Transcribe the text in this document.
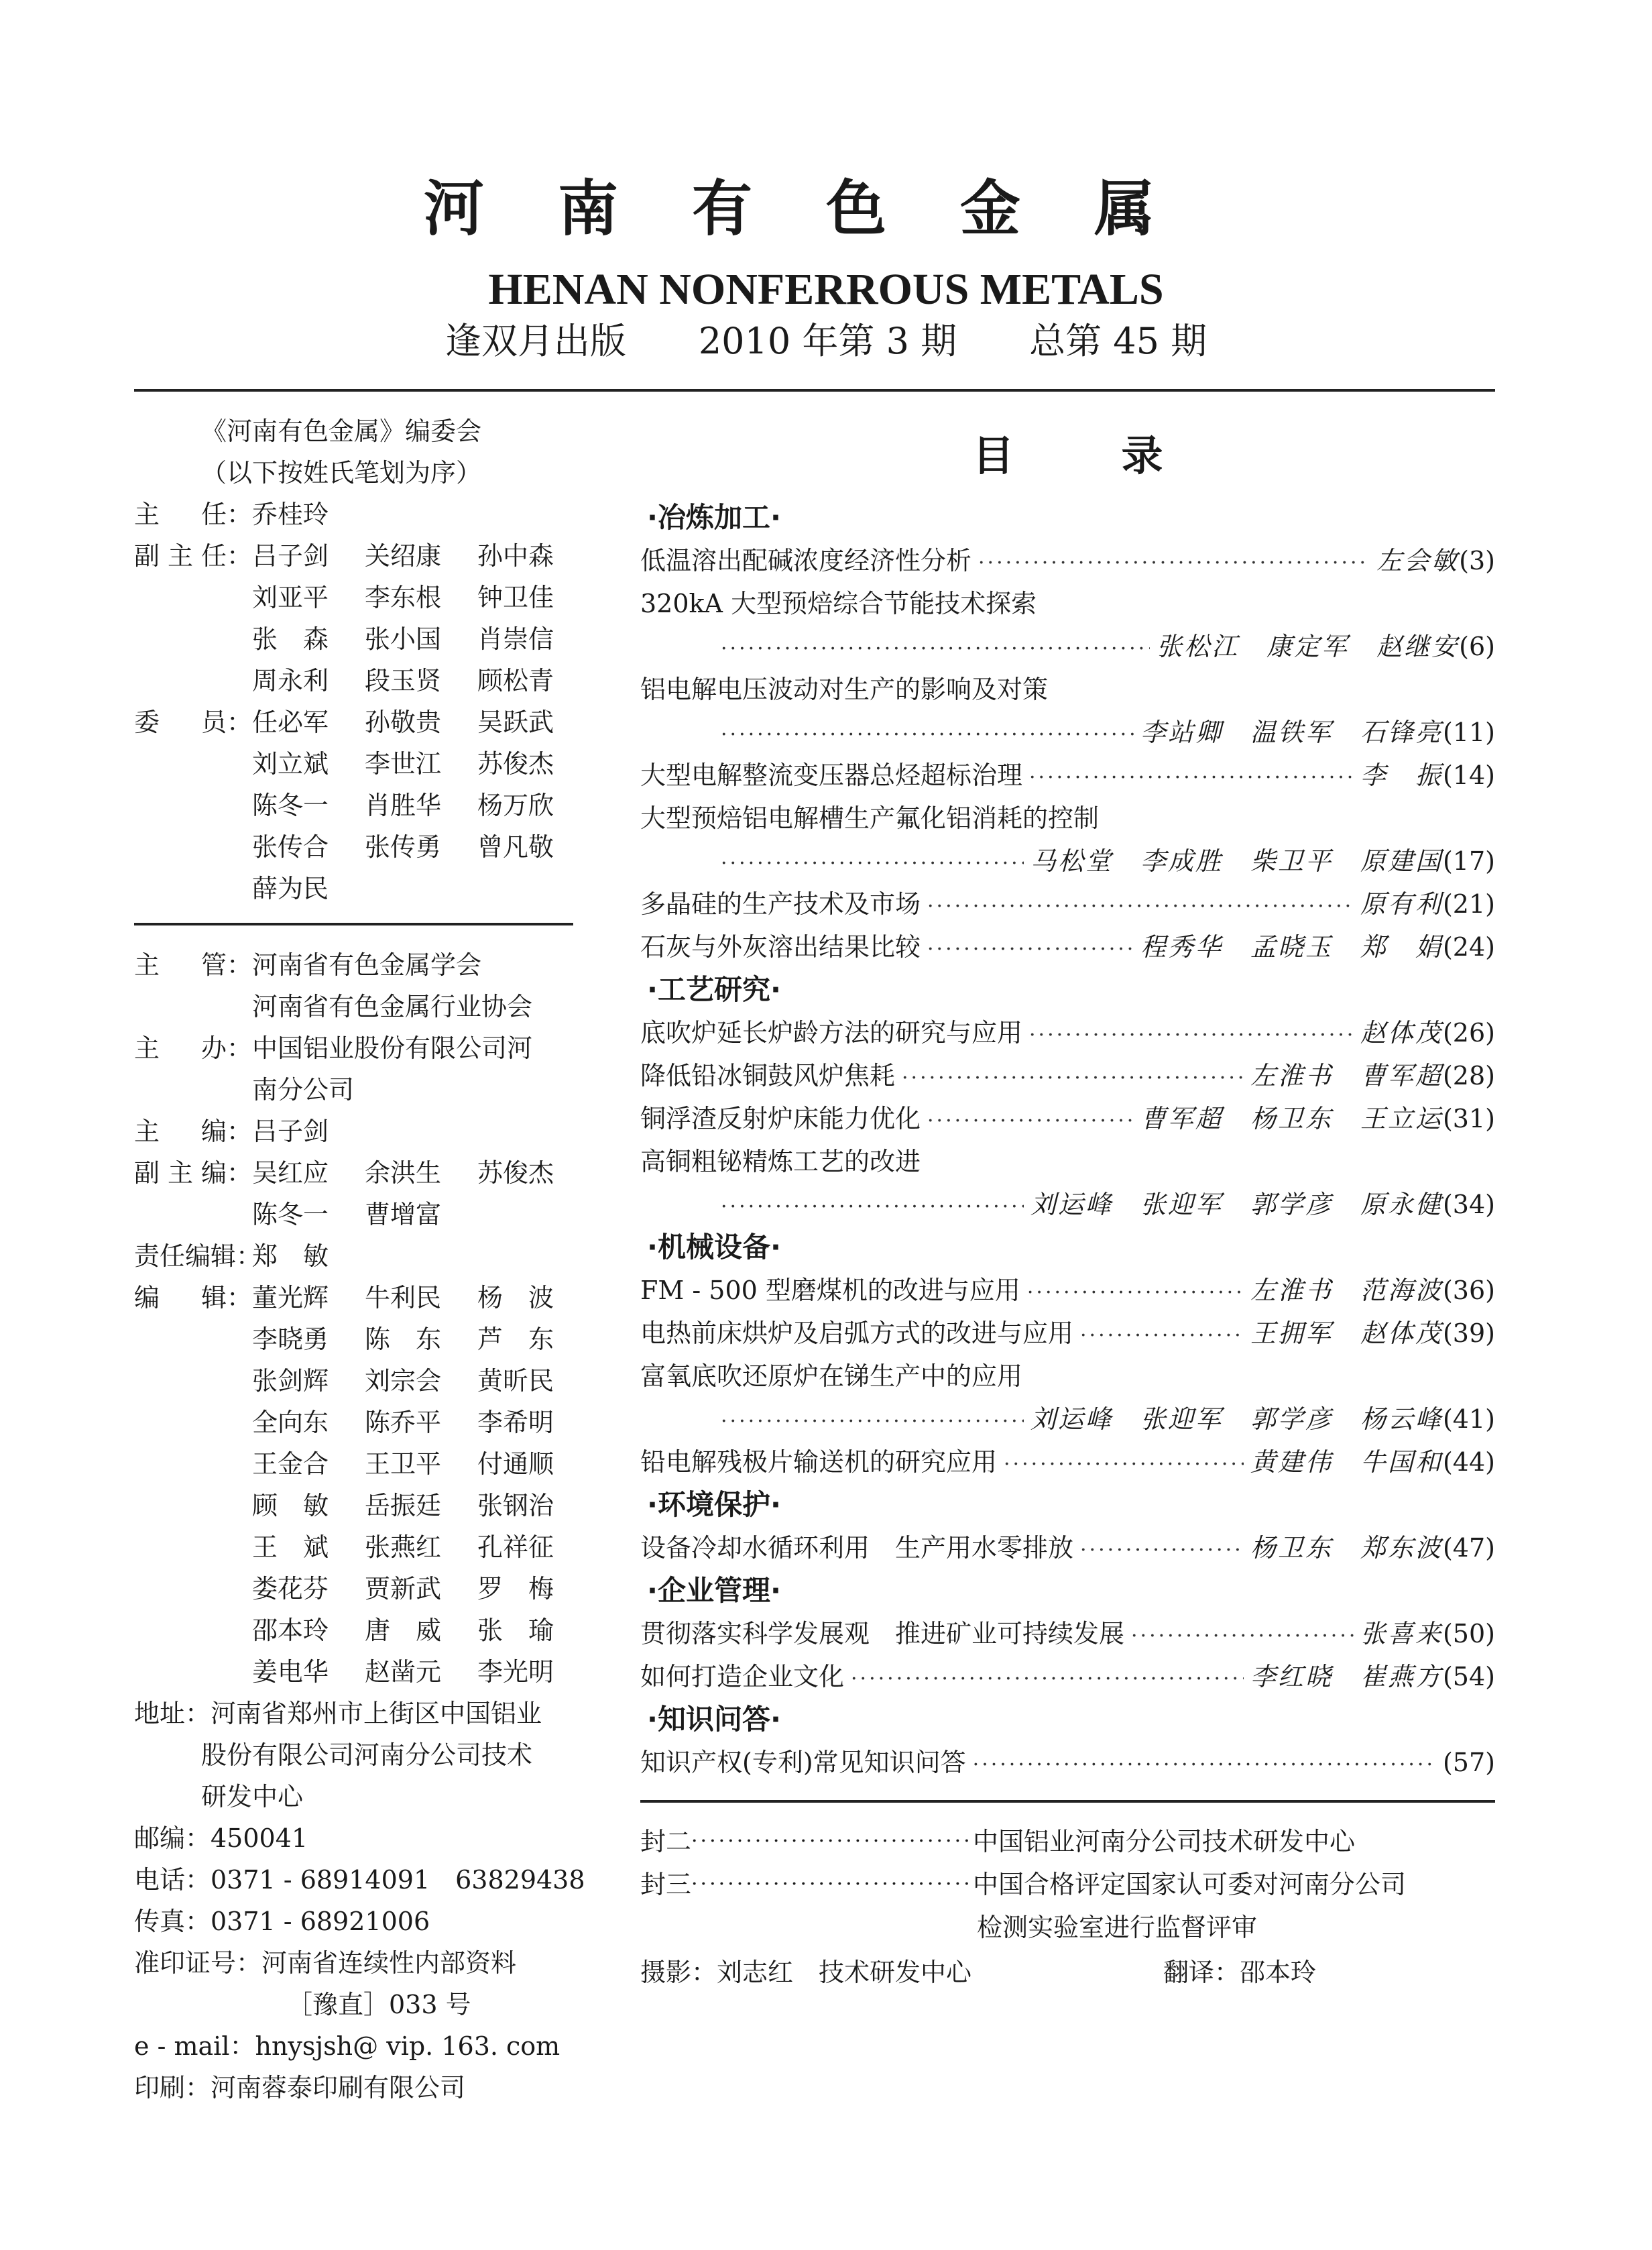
河南有色金属
HENAN NONFERROUS METALS
逢双月出版　　 2010 年第 3 期　　 总第 45 期
《河南有色金属》编委会
（以下按姓氏笔划为序）
主 任： 乔桂玲
副 主 任： 吕子剑	关绍康	孙中森
刘亚平	李东根	钟卫佳
张　森	张小国	肖崇信
周永利	段玉贤	顾松青
委 员： 任必军	孙敬贵	吴跃武
刘立斌	李世江	苏俊杰
陈冬一	肖胜华	杨万欣
张传合	张传勇	曾凡敬
薛为民
主 管： 河南省有色金属学会
河南省有色金属行业协会
主 办： 中国铝业股份有限公司河
南分公司
主 编： 吕子剑
副 主 编： 吴红应	余洪生	苏俊杰
陈冬一	曹增富
责任编辑：
郑　敏
编 辑： 董光辉	牛利民	杨　波
李晓勇	陈　东	芦　东
张剑辉	刘宗会	黄昕民
全向东	陈乔平	李希明
王金合	王卫平	付通顺
顾　敏	岳振廷	张钢治
王　斌	张燕红	孔祥征
娄花芬	贾新武	罗　梅
邵本玲	唐　威	张　瑜
姜电华	赵凿元	李光明
地址：河南省郑州市上街区中国铝业
股份有限公司河南分公司技术
研发中心
邮编：450041
电话：0371 - 68914091　63829438
传真：0371 - 68921006
准印证号：河南省连续性内部资料
［豫直］033 号
e - mail：hnysjsh@ vip. 163. com
印刷：河南蓉泰印刷有限公司
目录
·冶炼加工·
低温溶出配碱浓度经济性分析 ·····	左会敏 (3)
320kA 大型预焙综合节能技术探索
·····
张松江　康定军　赵继安 (6)
铝电解电压波动对生产的影响及对策
·····
李站卿　温铁军　石锋亮 (11)
大型电解整流变压器总烃超标治理 ·····	李　振 (14)
大型预焙铝电解槽生产氟化铝消耗的控制
·····
马松堂　李成胜　柴卫平　原建国 (17)
多晶硅的生产技术及市场 ·····	原有利 (21)
石灰与外灰溶出结果比较 ·····	程秀华　孟晓玉　郑　娟 (24)
·工艺研究·
底吹炉延长炉龄方法的研究与应用 ·····	赵体茂 (26)
降低铅冰铜鼓风炉焦耗 ·····	左淮书　曹军超 (28)
铜浮渣反射炉床能力优化 ·····	曹军超　杨卫东　王立运 (31)
高铜粗铋精炼工艺的改进
·····
刘运峰　张迎军　郭学彦　原永健 (34)
·机械设备·
FM - 500 型磨煤机的改进与应用 ·····	左淮书　范海波 (36)
电热前床烘炉及启弧方式的改进与应用 ·····	王拥军　赵体茂 (39)
富氧底吹还原炉在锑生产中的应用
·····
刘运峰　张迎军　郭学彦　杨云峰 (41)
铅电解残极片输送机的研究应用 ·····	黄建伟　牛国和 (44)
·环境保护·
设备冷却水循环利用　生产用水零排放 ·····	杨卫东　郑东波 (47)
·企业管理·
贯彻落实科学发展观　推进矿业可持续发展 ·····	张喜来 (50)
如何打造企业文化 ·····	李红晓　崔燕方 (54)
·知识问答·
知识产权(专利)常见知识问答 ·····	(57)
封二 ·····	中国铝业河南分公司技术研发中心
封三 ·····	中国合格评定国家认可委对河南分公司
检测实验室进行监督评审
摄影：刘志红　技术研发中心	翻译：邵本玲
